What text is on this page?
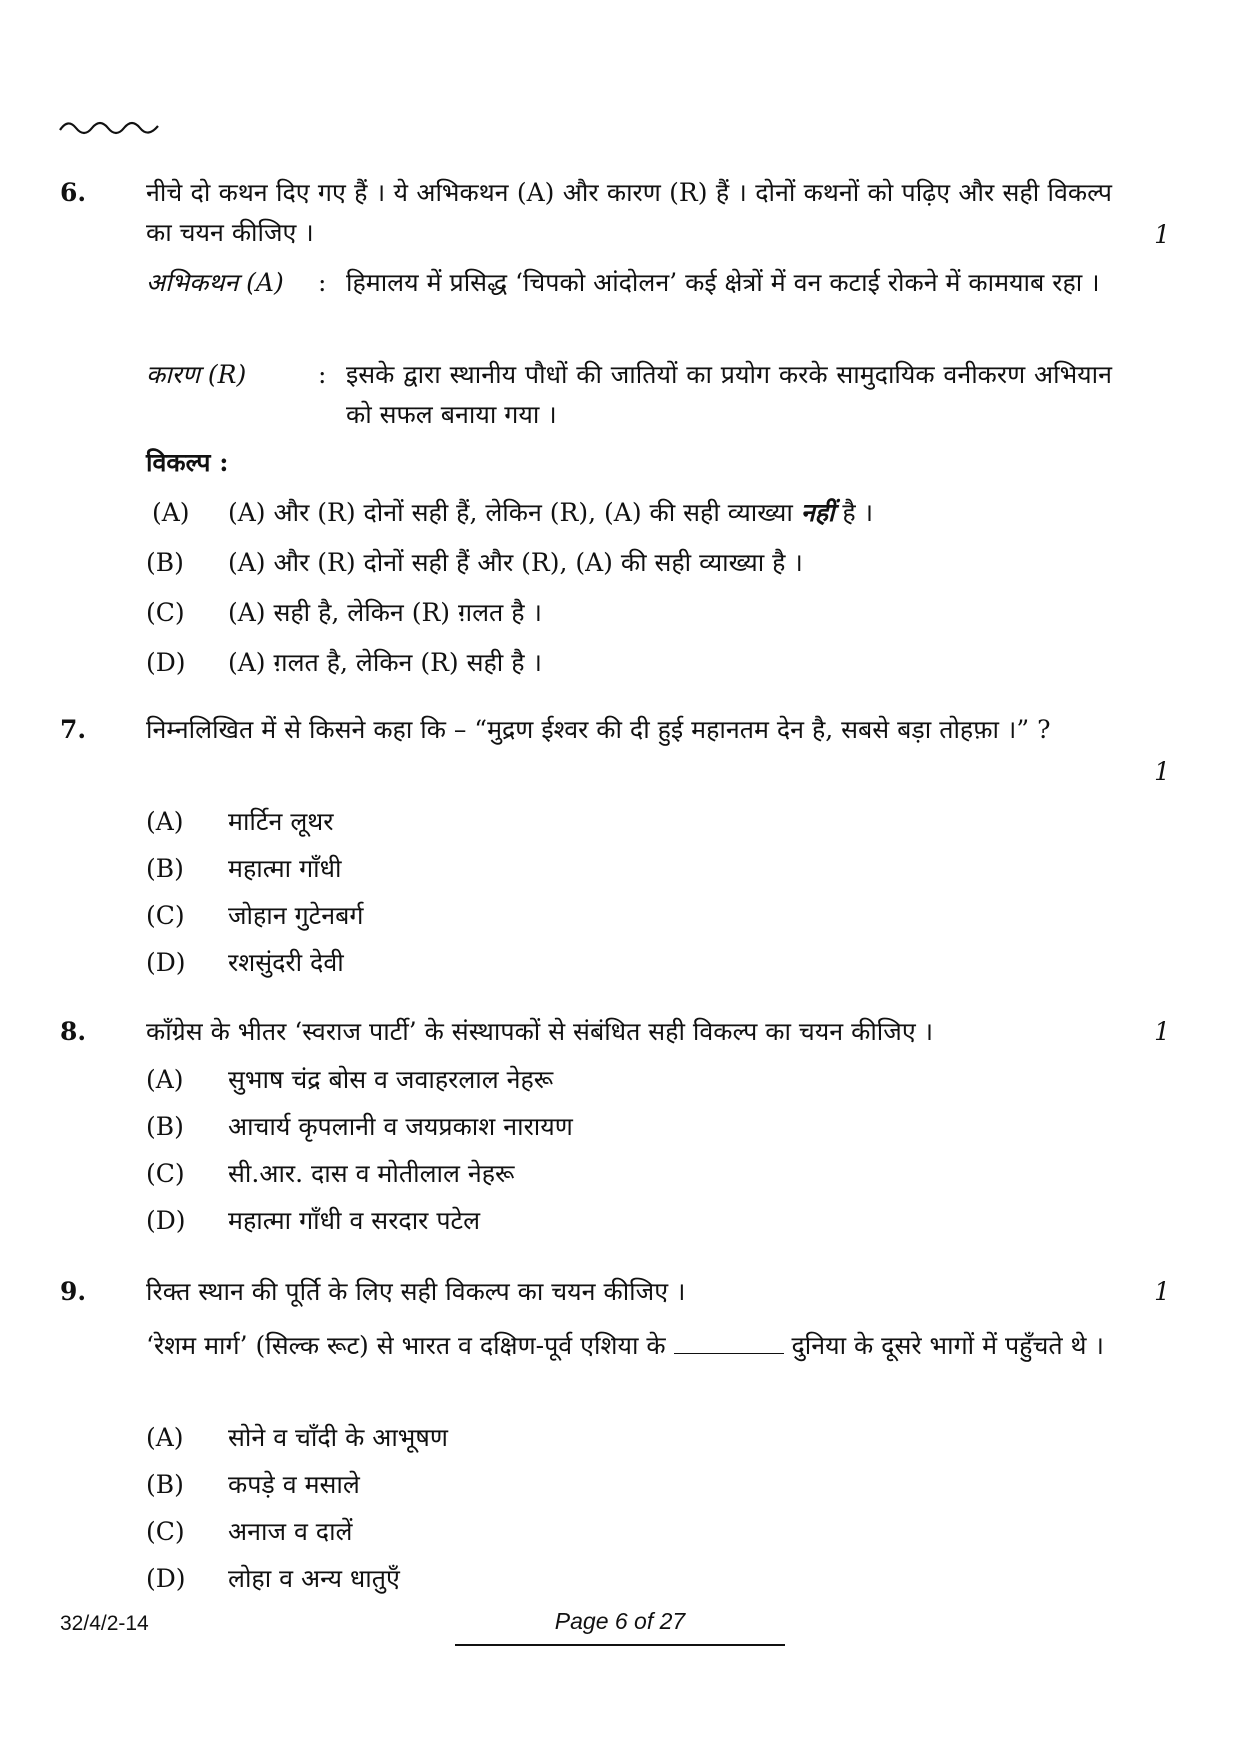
6. नीचे दो कथन दिए गए हैं । ये अभिकथन (A) और कारण (R) हैं । दोनों कथनों को पढ़िए और सही विकल्प का चयन कीजिए ।	1
अभिकथन (A) : हिमालय में प्रसिद्ध ‘चिपको आंदोलन’ कई क्षेत्रों में वन कटाई रोकने में कामयाब रहा ।
कारण (R)	: इसके द्वारा स्थानीय पौधों की जातियों का प्रयोग करके सामुदायिक वनीकरण अभियान को सफल बनाया गया ।
विकल्प :
(A) (A) और (R) दोनों सही हैं, लेकिन (R), (A) की सही व्याख्या नहीं है ।
(B) (A) और (R) दोनों सही हैं और (R), (A) की सही व्याख्या है ।
(C) (A) सही है, लेकिन (R) ग़लत है ।
(D) (A) ग़लत है, लेकिन (R) सही है ।
7. निम्नलिखित में से किसने कहा कि – “मुद्रण ईश्वर की दी हुई महानतम देन है, सबसे बड़ा तोहफ़ा ।” ?
1
(A) मार्टिन लूथर
(B) महात्मा गाँधी
(C) जोहान गुटेनबर्ग
(D) रशसुंदरी देवी
8. काँग्रेस के भीतर ‘स्वराज पार्टी’ के संस्थापकों से संबंधित सही विकल्प का चयन कीजिए ।	1
(A) सुभाष चंद्र बोस व जवाहरलाल नेहरू
(B) आचार्य कृपलानी व जयप्रकाश नारायण
(C) सी.आर. दास व मोतीलाल नेहरू
(D) महात्मा गाँधी व सरदार पटेल
9. रिक्त स्थान की पूर्ति के लिए सही विकल्प का चयन कीजिए ।	1
‘रेशम मार्ग’ (सिल्क रूट) से भारत व दक्षिण-पूर्व एशिया के	दुनिया के दूसरे भागों में पहुँचते थे ।
(A) सोने व चाँदी के आभूषण
(B) कपड़े व मसाले
(C) अनाज व दालें
(D) लोहा व अन्य धातुएँ
32/4/2-14	Page 6 of 27
